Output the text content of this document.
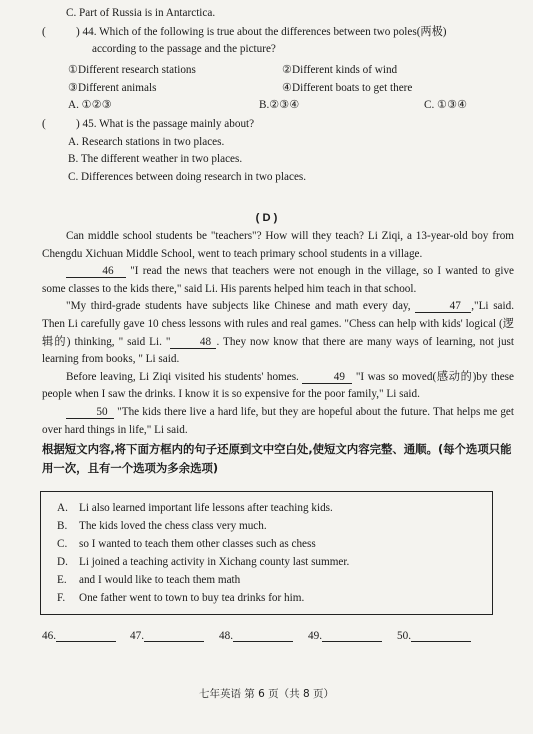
C. Part of Russia is in Antarctica.
(	) 44. Which of the following is true about the differences between two poles(两极)
according to the passage and the picture?
①Different research stations	②Different kinds of wind
③Different animals	④Different boats to get there
A. ①②③	B.②③④	C. ①③④
(	) 45. What is the passage mainly about?
A. Research stations in two places.
B. The different weather in two places.
C. Differences between doing research in two places.
( D )

Can middle school students be "teachers"? How will they teach? Li Ziqi, a 13-year-old boy from Chengdu Xichuan Middle School, went to teach primary school students in a village.

46 "I read the news that teachers were not enough in the village, so I wanted to give some classes to the kids there," said Li. His parents helped him teach in that school.

"My third-grade students have subjects like Chinese and math every day,	47 ,"Li said. Then Li carefully gave 10 chess lessons with rules and real games. "Chess can help with kids' logical (逻辑的) thinking, " said Li. "	48 . They now know that there are many ways of learning, not just learning from books, " Li said.

Before leaving, Li Ziqi visited his students' homes.	49 "I was so moved(感动的)by these people when I saw the drinks. I know it is so expensive for the poor family," Li said.

50 "The kids there live a hard life, but they are hopeful about the future. That helps me get over hard things in life," Li said.

根据短文内容,将下面方框内的句子还原到文中空白处,使短文内容完整、通顺。(每个选项只能用一次，且有一个选项为多余选项)
A. Li also learned important life lessons after teaching kids.
B. The kids loved the chess class very much.
C. so I wanted to teach them other classes such as chess
D. Li joined a teaching activity in Xichang county last summer.
E. and I would like to teach them math
F. One father went to town to buy tea drinks for him.
46.	47.	48.	49.	50.
七年英语 第 6 页（共 8 页）
